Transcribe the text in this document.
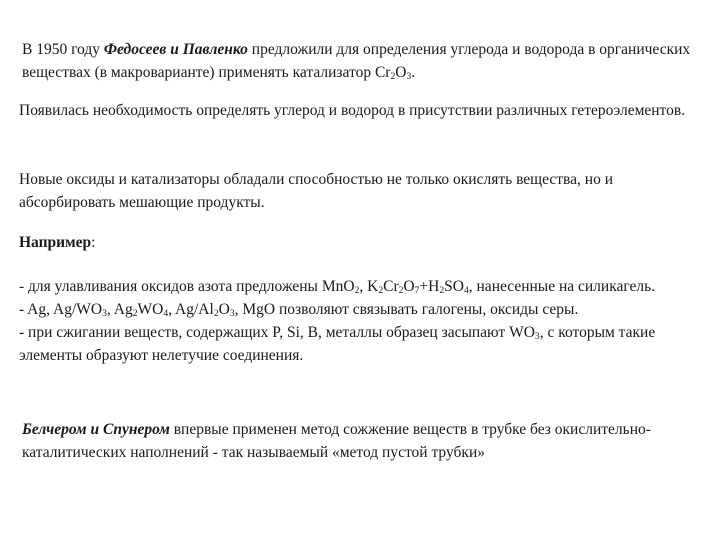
В 1950 году Федосеев и Павленко предложили для определения углерода и водорода в органических веществах (в макроварианте) применять катализатор $Cr_2O_3$.

Появилась необходимость определять углерод и водород в присутствии различных гетероэлементов.

Новые оксиды и катализаторы обладали способностью не только окислять вещества, но и абсорбировать мешающие продукты.

Например:

- для улавливания оксидов азота предложены MnO$_2$, $K_2Cr_2O_7+H_2SO_4$, нанесенные на силикагель.
- Ag, $Ag/WO_3$, $Ag_2WO_4$, $Ag/Al_2O_3$, MgO позволяют связывать галогены, оксиды серы.
- при сжигании веществ, содержащих P, Si, B, металлы образец засыпают $WO_3$, с которым такие элементы образуют нелетучие соединения.

Белчером и Спунером впервые применен метод сожжение веществ в трубке без окислительно-каталитических наполнений - так называемый «метод пустой трубки»
